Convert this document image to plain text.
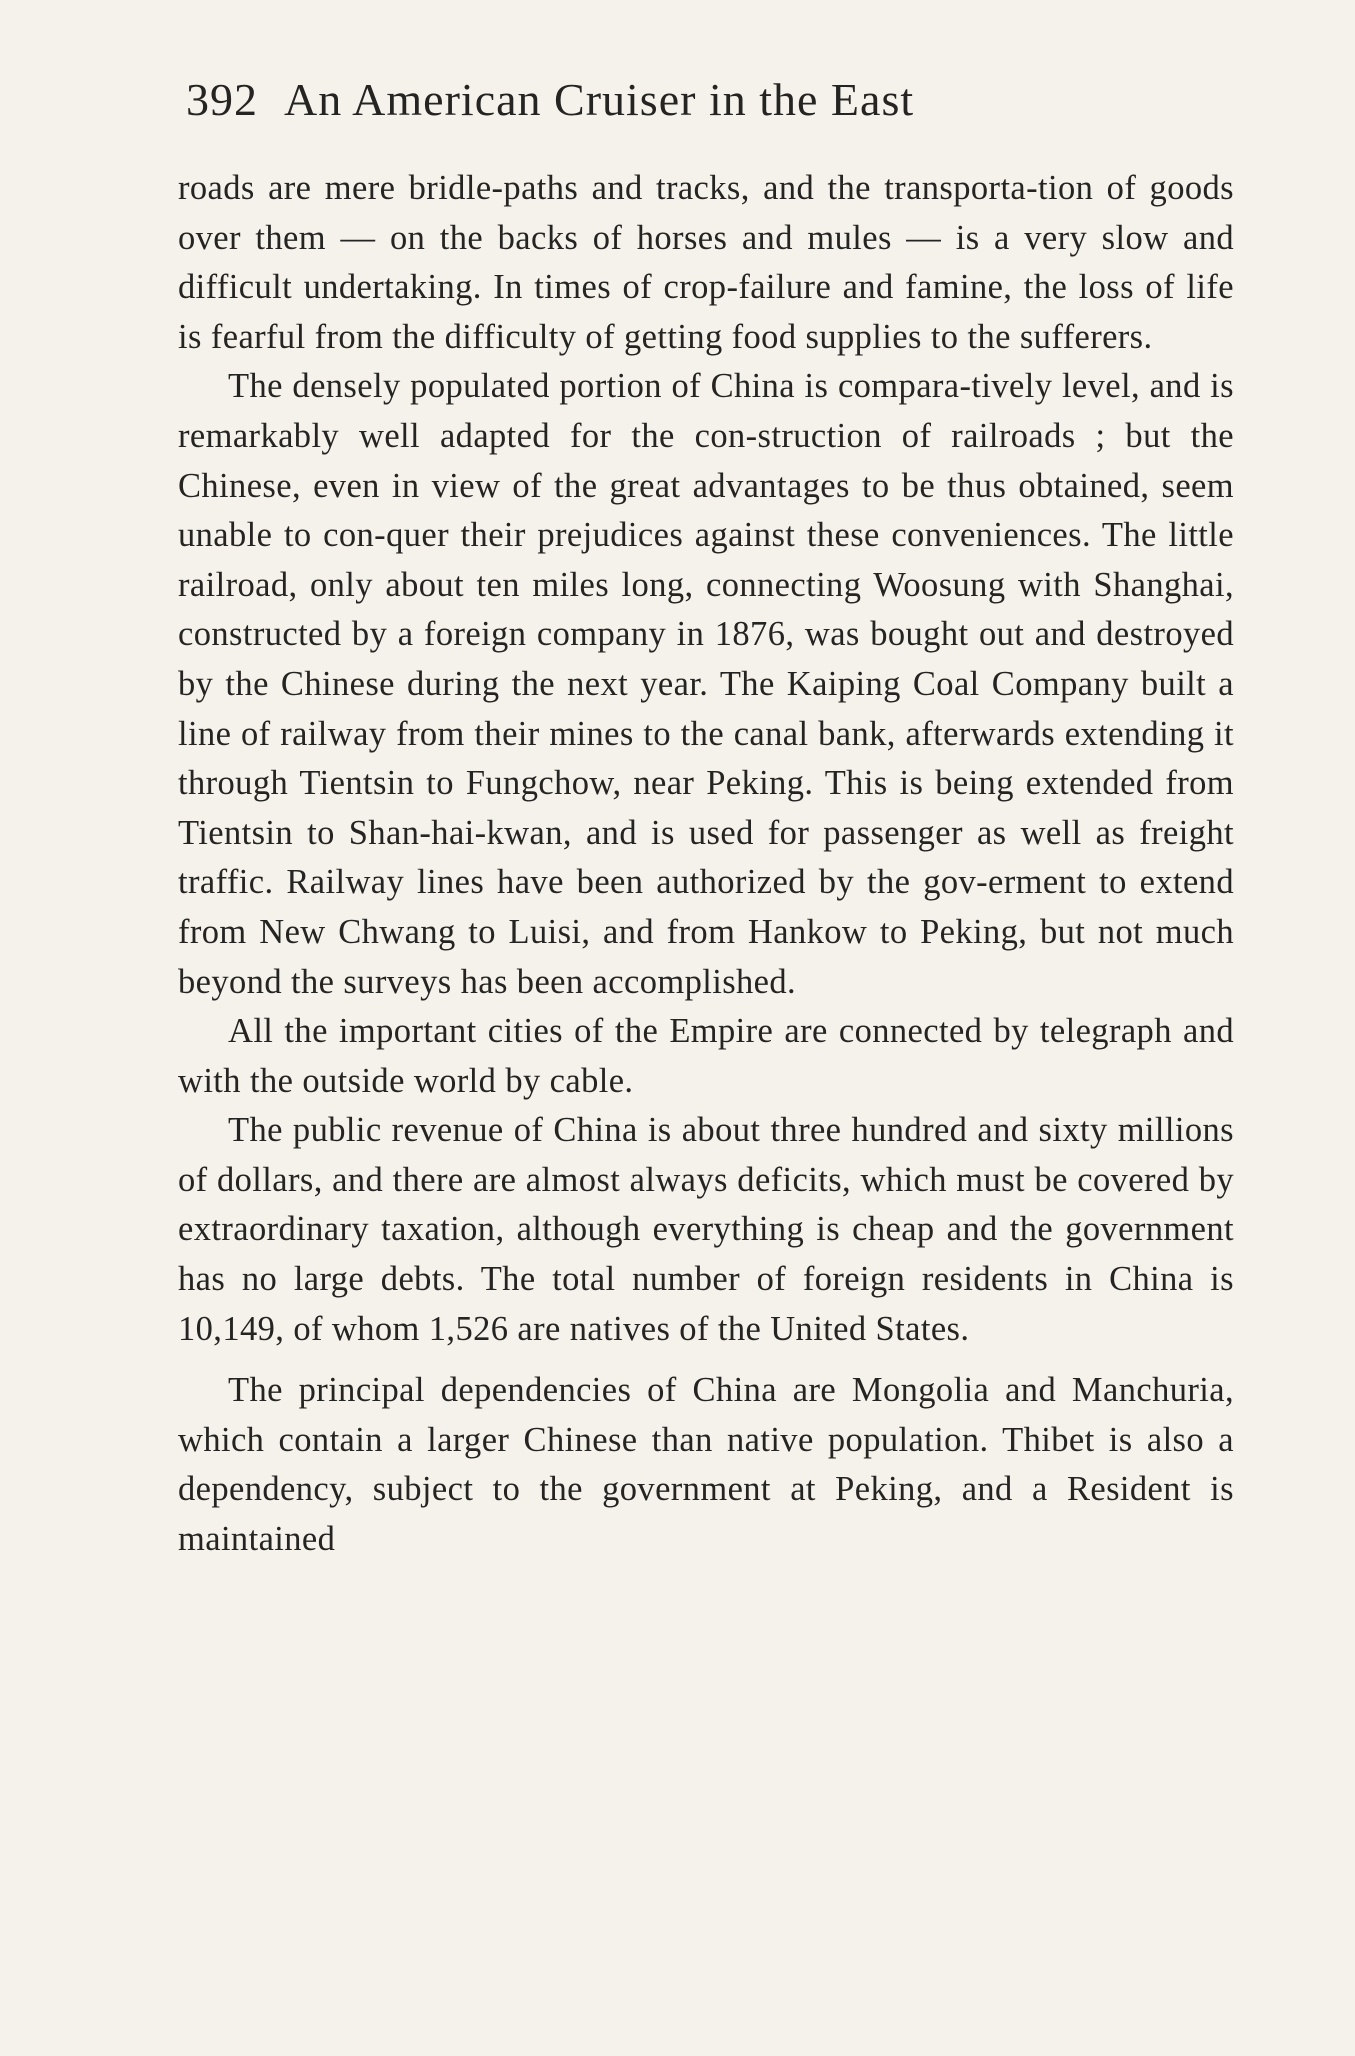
392 An American Cruiser in the East

roads are mere bridle-paths and tracks, and the transporta-tion of goods over them — on the backs of horses and mules — is a very slow and difficult undertaking. In times of crop-failure and famine, the loss of life is fearful from the difficulty of getting food supplies to the sufferers.

The densely populated portion of China is compara-tively level, and is remarkably well adapted for the con-struction of railroads ; but the Chinese, even in view of the great advantages to be thus obtained, seem unable to con-quer their prejudices against these conveniences. The little railroad, only about ten miles long, connecting Woosung with Shanghai, constructed by a foreign company in 1876, was bought out and destroyed by the Chinese during the next year. The Kaiping Coal Company built a line of railway from their mines to the canal bank, afterwards extending it through Tientsin to Fungchow, near Peking. This is being extended from Tientsin to Shan-hai-kwan, and is used for passenger as well as freight traffic. Railway lines have been authorized by the gov-erment to extend from New Chwang to Luisi, and from Hankow to Peking, but not much beyond the surveys has been accomplished.

All the important cities of the Empire are connected by telegraph and with the outside world by cable.

The public revenue of China is about three hundred and sixty millions of dollars, and there are almost always deficits, which must be covered by extraordinary taxation, although everything is cheap and the government has no large debts. The total number of foreign residents in China is 10,149, of whom 1,526 are natives of the United States.

The principal dependencies of China are Mongolia and Manchuria, which contain a larger Chinese than native population. Thibet is also a dependency, subject to the government at Peking, and a Resident is maintained
